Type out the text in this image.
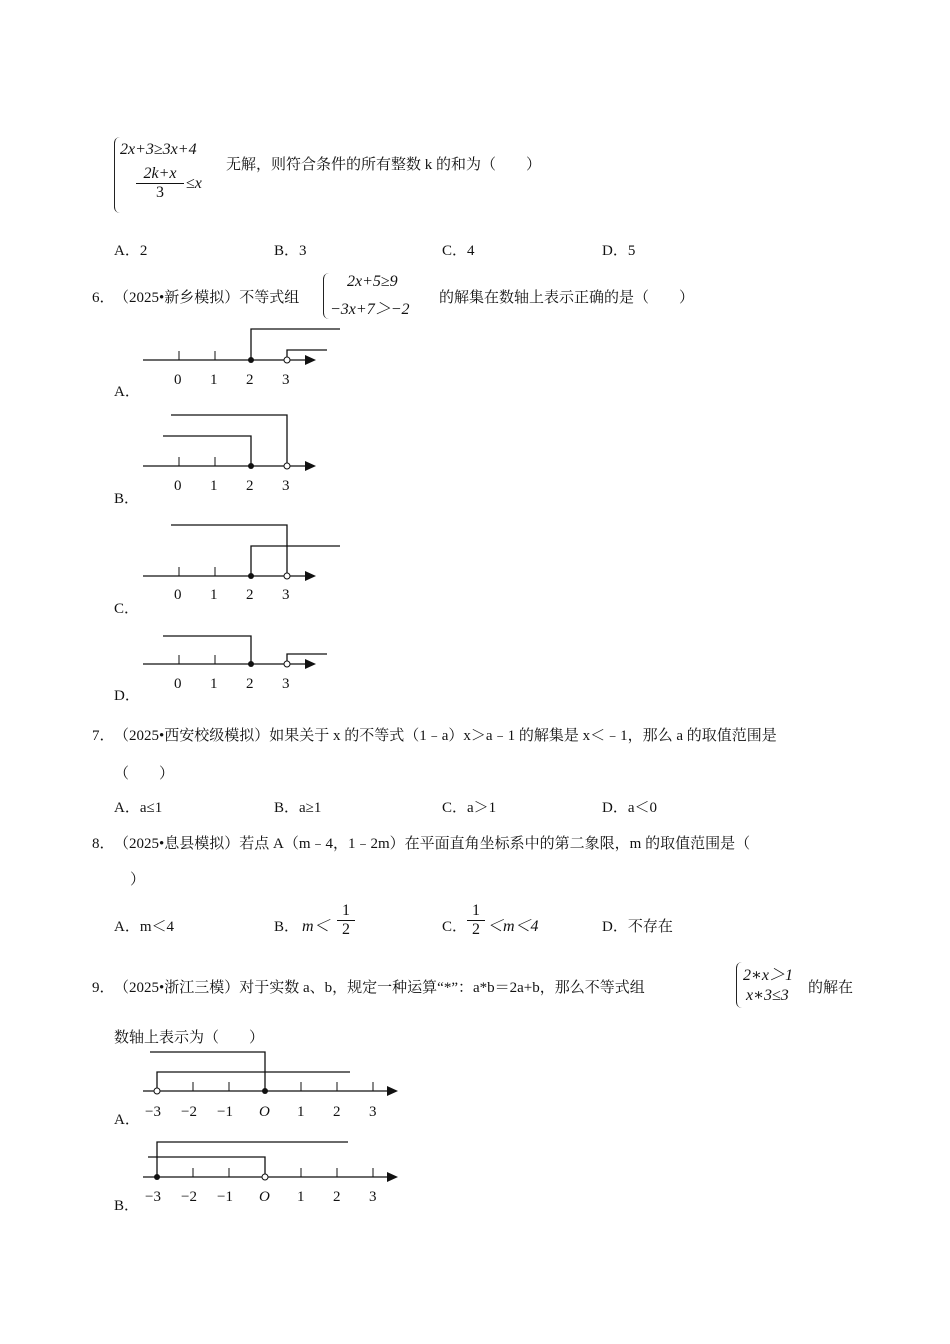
2x+3≥3x+4
$\frac{2k+x}{3} \le x$
无解，则符合条件的所有整数 k 的和为（　　）
A．2	B．3	C．4	D．5
6． （2025•新乡模拟）不等式组
2x+5≥9
−3x+7＞−2
的解集在数轴上表示正确的是（　　）
0 1 2 3
0 1 2 3
0 1 2 3
0 1 2 3
−3 −2 −1 O 1 2 3
−3 −2 −1 O 1 2 3
A．
B．
C．
D．
7． （2025•西安校级模拟）如果关于 x 的不等式（1﹣a）x＞a﹣1 的解集是 x＜﹣1，那么 a 的取值范围是
（　　）
A．a≤1	B．a≥1	C．a＞1	D．a＜0
8． （2025•息县模拟）若点 A（m﹣4，1﹣2m）在平面直角坐标系中的第二象限，m 的取值范围是（
）
A．m＜4	B． $m< \frac{1}{2}$	C． $\frac{1}{2} <m<4$	D．不存在
9． （2025•浙江三模）对于实数 a、b，规定一种运算“*”：a*b＝2a+b，那么不等式组
2∗x＞1
x∗3≤3 的解在
数轴上表示为（　　）
A．
B．
